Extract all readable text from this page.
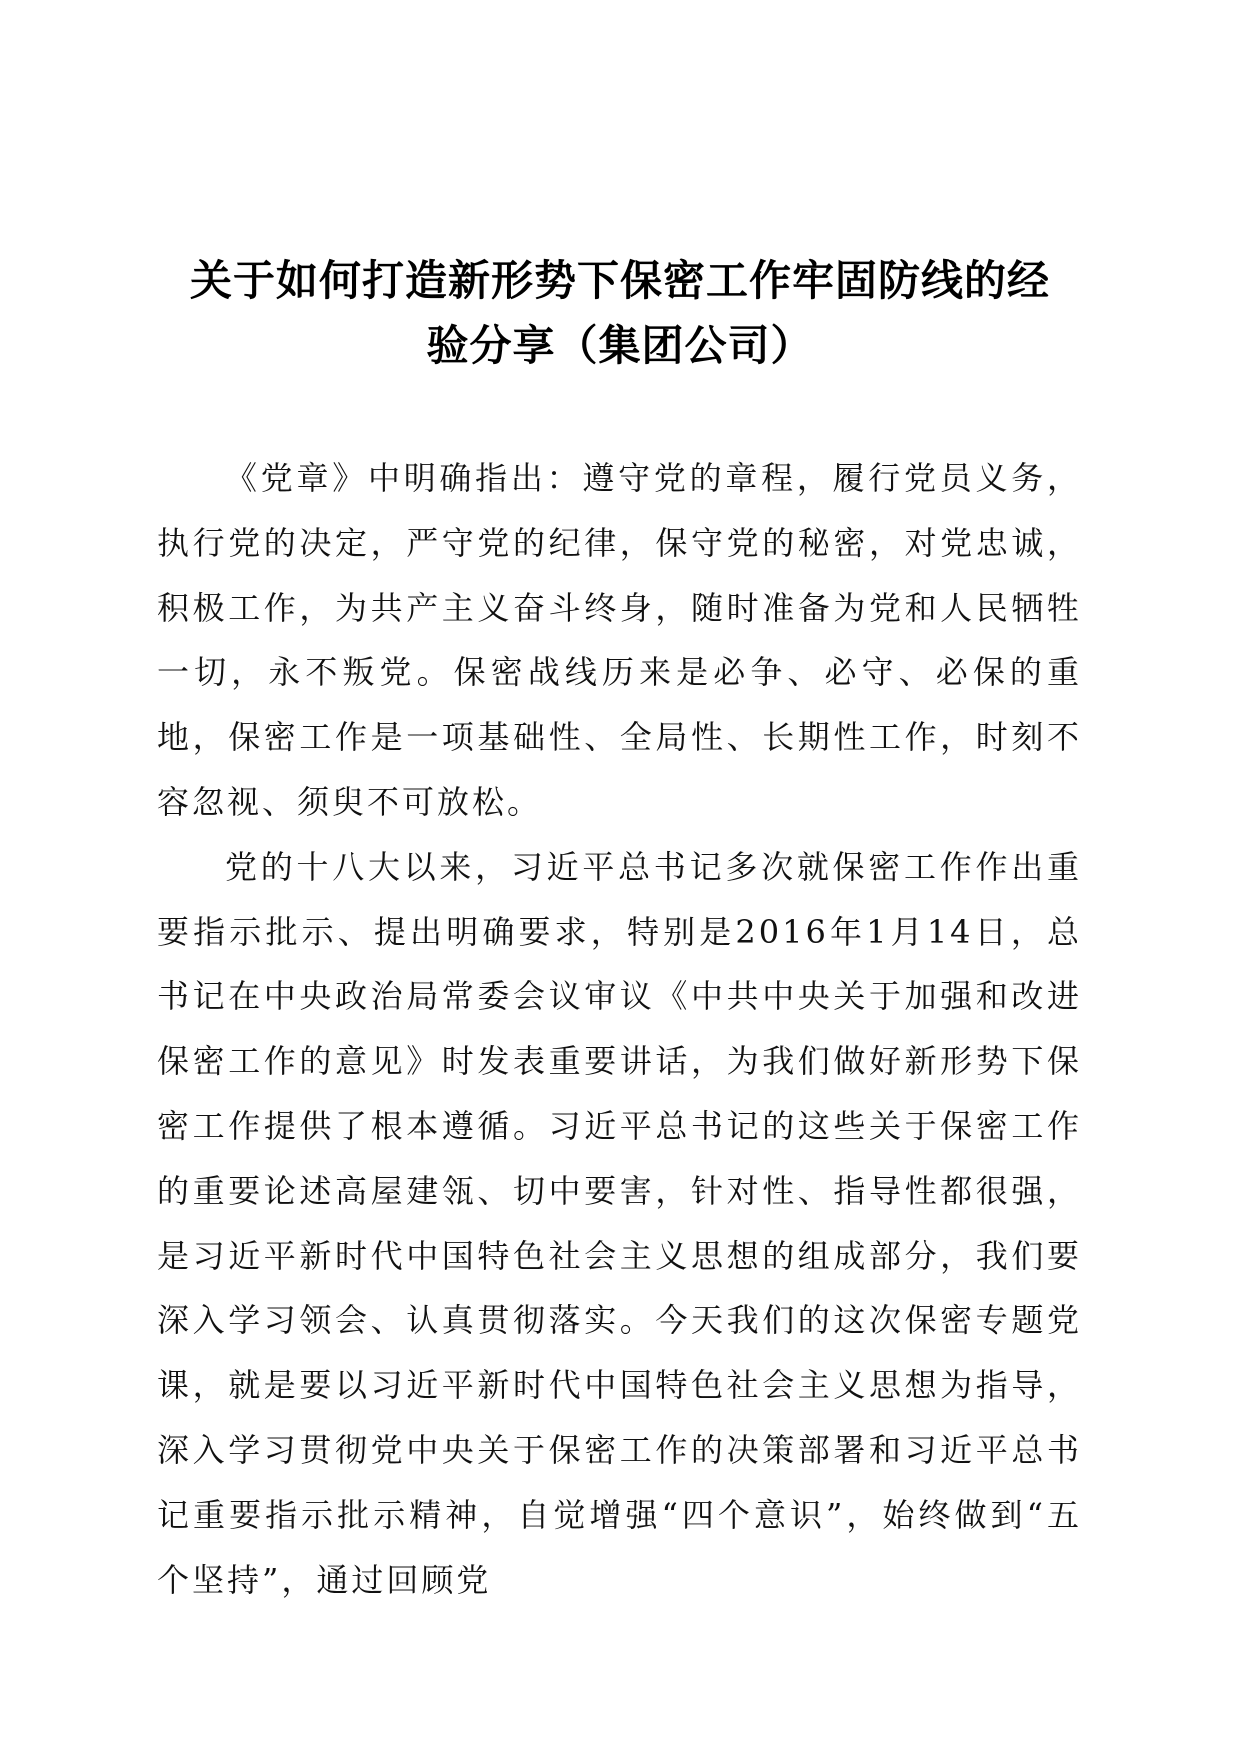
关于如何打造新形势下保密工作牢固防线的经
验分享（集团公司）

《党章》中明确指出：遵守党的章程，履行党员义务，执行党的决定，严守党的纪律，保守党的秘密，对党忠诚，积极工作，为共产主义奋斗终身，随时准备为党和人民牺牲一切，永不叛党。保密战线历来是必争、必守、必保的重地，保密工作是一项基础性、全局性、长期性工作，时刻不容忽视、须臾不可放松。

党的十八大以来，习近平总书记多次就保密工作作出重要指示批示、提出明确要求，特别是2016年1月14日，总书记在中央政治局常委会议审议《中共中央关于加强和改进保密工作的意见》时发表重要讲话，为我们做好新形势下保密工作提供了根本遵循。习近平总书记的这些关于保密工作的重要论述高屋建瓴、切中要害，针对性、指导性都很强，是习近平新时代中国特色社会主义思想的组成部分，我们要深入学习领会、认真贯彻落实。今天我们的这次保密专题党课，就是要以习近平新时代中国特色社会主义思想为指导，深入学习贯彻党中央关于保密工作的决策部署和习近平总书记重要指示批示精神，自觉增强“四个意识”，始终做到“五个坚持”，通过回顾党
